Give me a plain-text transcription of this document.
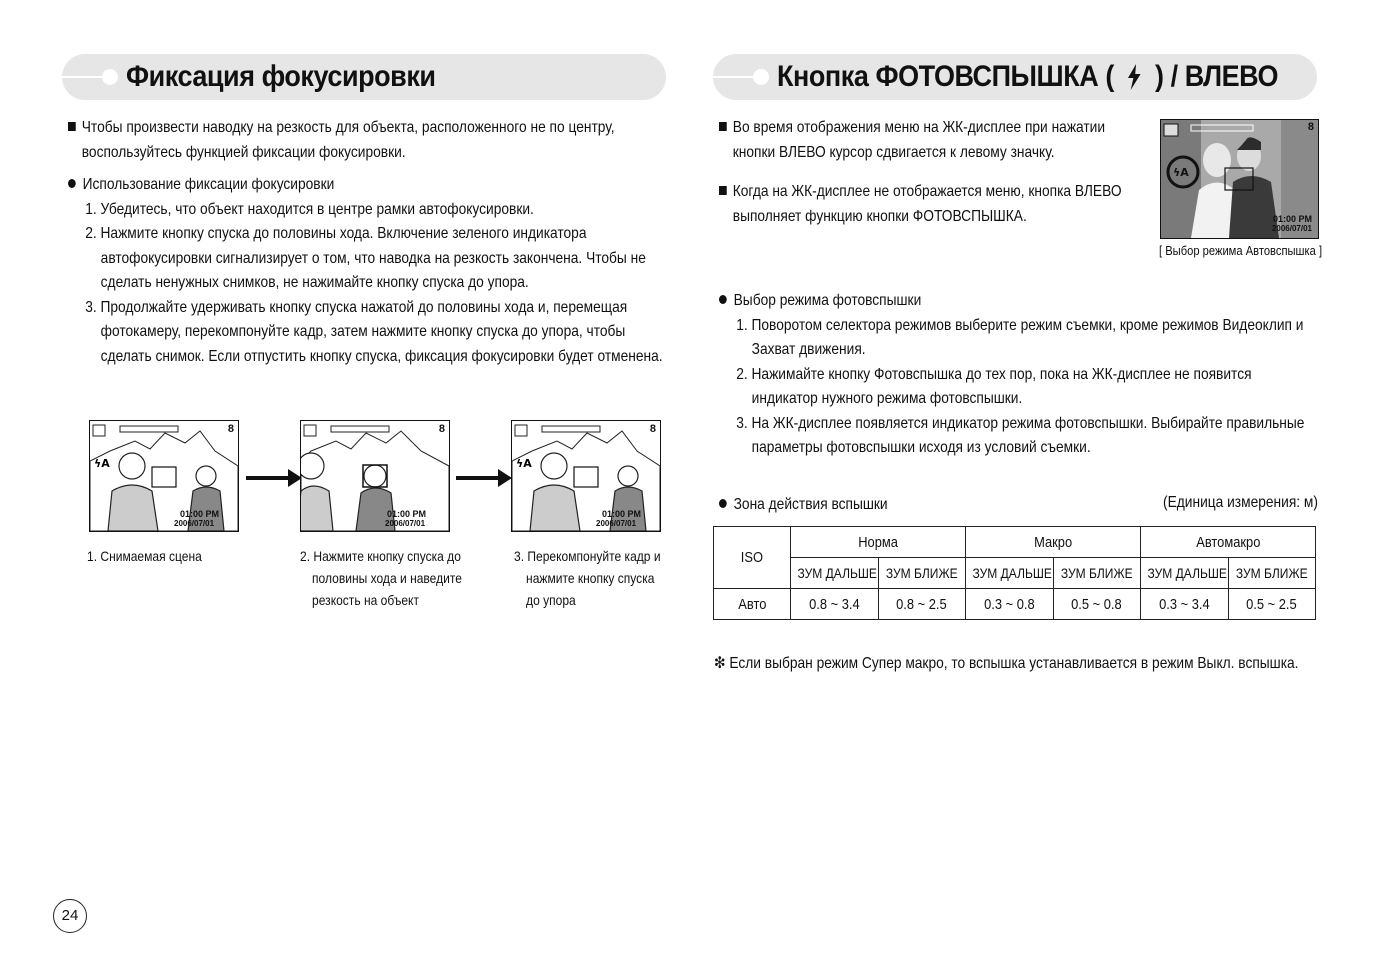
Фиксация фокусировки
Чтобы произвести наводку на резкость для объекта, расположенного не по центру,
воспользуйтесь функцией фиксации фокусировки.
Использование фиксации фокусировки
1. Убедитесь, что объект находится в центре рамки автофокусировки.
2. Нажмите кнопку спуска до половины хода. Включение зеленого индикатора
автофокусировки сигнализирует о том, что наводка на резкость закончена. Чтобы не
сделать ненужных снимков, не нажимайте кнопку спуска до упора.
3. Продолжайте удерживать кнопку спуска нажатой до половины хода и, перемещая
фотокамеру, перекомпонуйте кадр, затем нажмите кнопку спуска до упора, чтобы
сделать снимок. Если отпустить кнопку спуска, фиксация фокусировки будет отменена.
ϟA
8
01:00 PM
2006/07/01
8
01:00 PM
2006/07/01
ϟA
8
01:00 PM
2006/07/01
1. Снимаемая сцена	2. Нажмите кнопку спуска до
половины хода и наведите
резкость на объект
3. Перекомпонуйте кадр и
нажмите кнопку спуска
до упора
Кнопка ФОТОВСПЫШКА ( ) / ВЛЕВО
Во время отображения меню на ЖК-дисплее при нажатии
кнопки ВЛЕВО курсор сдвигается к левому значку.
Когда на ЖК-дисплее не отображается меню, кнопка ВЛЕВО
выполняет функцию кнопки ФОТОВСПЫШКА.
ϟA
8
01:00 PM
2006/07/01
[ Выбор режима Автовспышка ]
Выбор режима фотовспышки
1. Поворотом селектора режимов выберите режим съемки, кроме режимов Видеоклип и
Захват движения.
2. Нажимайте кнопку Фотовспышка до тех пор, пока на ЖК-дисплее не появится
индикатор нужного режима фотовспышки.
3. На ЖК-дисплее появляется индикатор режима фотовспышки. Выбирайте правильные
параметры фотовспышки исходя из условий съемки.
Зона действия вспышки	(Единица измерения: м)
ISO	Норма		Макро		Автомакро	
	ЗУМ ДАЛЬШЕ	ЗУМ БЛИЖЕ	ЗУМ ДАЛЬШЕ	ЗУМ БЛИЖЕ	ЗУМ ДАЛЬШЕ	ЗУМ БЛИЖЕ
Авто	0.8 ~ 3.4	0.8 ~ 2.5	0.3 ~ 0.8	0.5 ~ 0.8	0.3 ~ 3.4	0.5 ~ 2.5
❇ Если выбран режим Супер макро, то вспышка устанавливается в режим Выкл. вспышка.
24
